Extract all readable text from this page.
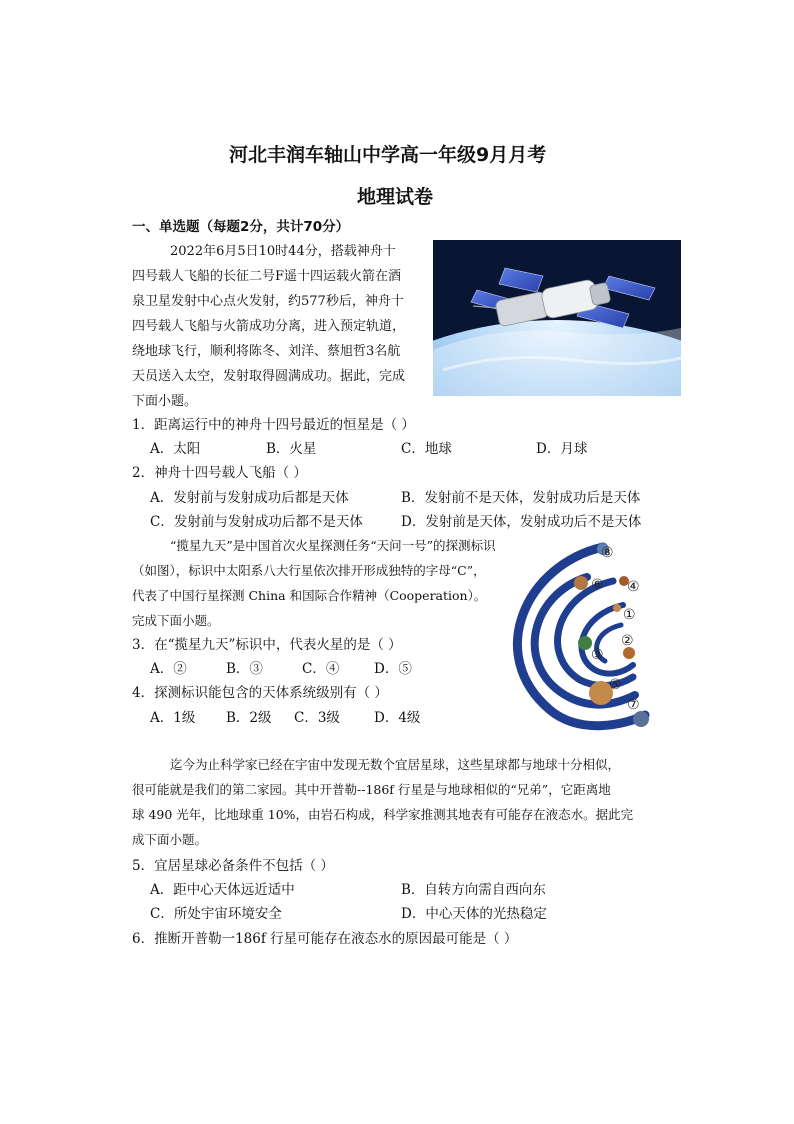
河北丰润车轴山中学高一年级9月月考
地理试卷
一、单选题（每题2分，共计70分）
2022年6月5日10时44分，搭载神舟十
四号载人飞船的长征二号F遥十四运载火箭在酒
泉卫星发射中心点火发射，约577秒后，神舟十
四号载人飞船与火箭成功分离，进入预定轨道，
绕地球飞行，顺利将陈冬、刘洋、蔡旭哲3名航
天员送入太空，发射取得圆满成功。据此，完成
下面小题。
1．距离运行中的神舟十四号最近的恒星是（ ）
A．太阳	B．火星	C．地球	D．月球
2．神舟十四号载人飞船（ ）
A．发射前与发射成功后都是天体	B．发射前不是天体，发射成功后是天体
C．发射前与发射成功后都不是天体	D．发射前是天体，发射成功后不是天体
“揽星九天”是中国首次火星探测任务“天问一号”的探测标识
（如图），标识中太阳系八大行星依次排开形成独特的字母“C”，
代表了中国行星探测 China 和国际合作精神（Cooperation）。
完成下面小题。
3．在“揽星九天”标识中，代表火星的是（ ）
A．②	B．③	C．④	D．⑤
4．探测标识能包含的天体系统级别有（ ）
A．1级 B．2级 C．3级	D．4级
⑧
⑥ ④
①
③
②
⑤
⑦
迄今为止科学家已经在宇宙中发现无数个宜居星球，这些星球都与地球十分相似，
很可能就是我们的第二家园。其中开普勒--186f 行星是与地球相似的“兄弟”，它距离地
球 490 光年，比地球重 10%，由岩石构成，科学家推测其地表有可能存在液态水。据此完
成下面小题。
5．宜居星球必备条件不包括（ ）
A．距中心天体远近适中	B．自转方向需自西向东
C．所处宇宙环境安全	D．中心天体的光热稳定
6．推断开普勒一186f 行星可能存在液态水的原因最可能是（ ）
